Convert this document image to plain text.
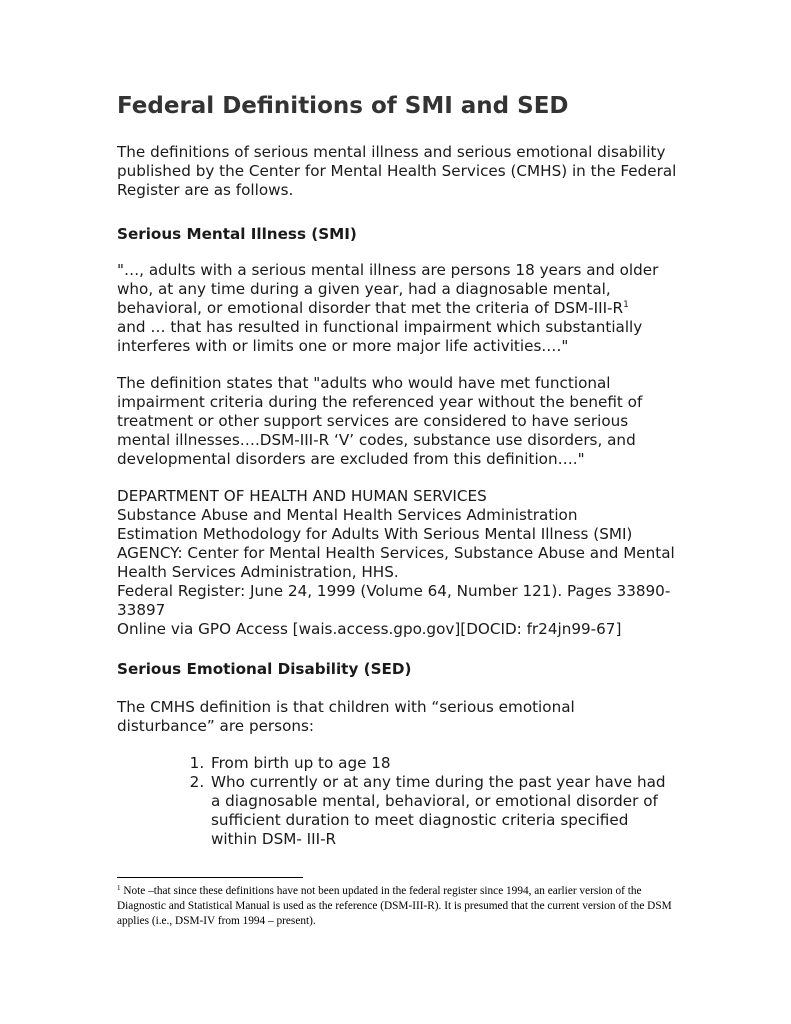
Federal Definitions of SMI and SED

The definitions of serious mental illness and serious emotional disability published by the Center for Mental Health Services (CMHS) in the Federal Register are as follows.

Serious Mental Illness (SMI)

"…, adults with a serious mental illness are persons 18 years and older who, at any time during a given year, had a diagnosable mental, behavioral, or emotional disorder that met the criteria of DSM-$III-R^1$
and … that has resulted in functional impairment which substantially interferes with or limits one or more major life activities.…"

The definition states that "adults who would have met functional impairment criteria during the referenced year without the benefit of treatment or other support services are considered to have serious mental illnesses….DSM-III-R ‘V’ codes, substance use disorders, and developmental disorders are excluded from this definition…."

DEPARTMENT OF HEALTH AND HUMAN SERVICES
Substance Abuse and Mental Health Services Administration
Estimation Methodology for Adults With Serious Mental Illness (SMI)
AGENCY: Center for Mental Health Services, Substance Abuse and Mental Health Services Administration, HHS.
Federal Register: June 24, 1999 (Volume 64, Number 121). Pages 33890-33897
Online via GPO Access [wais.access.gpo.gov][DOCID: fr24jn99-67]

Serious Emotional Disability (SED)

The CMHS definition is that children with “serious emotional disturbance” are persons:

1. From birth up to age 18
2. Who currently or at any time during the past year have had a diagnosable mental, behavioral, or emotional disorder of sufficient duration to meet diagnostic criteria specified within DSM- III-R
$^1$ Note –that since these definitions have not been updated in the federal register since 1994, an earlier version of the Diagnostic and Statistical Manual is used as the reference (DSM-III-R). It is presumed that the current version of the DSM applies (i.e., DSM-IV from 1994 – present).
